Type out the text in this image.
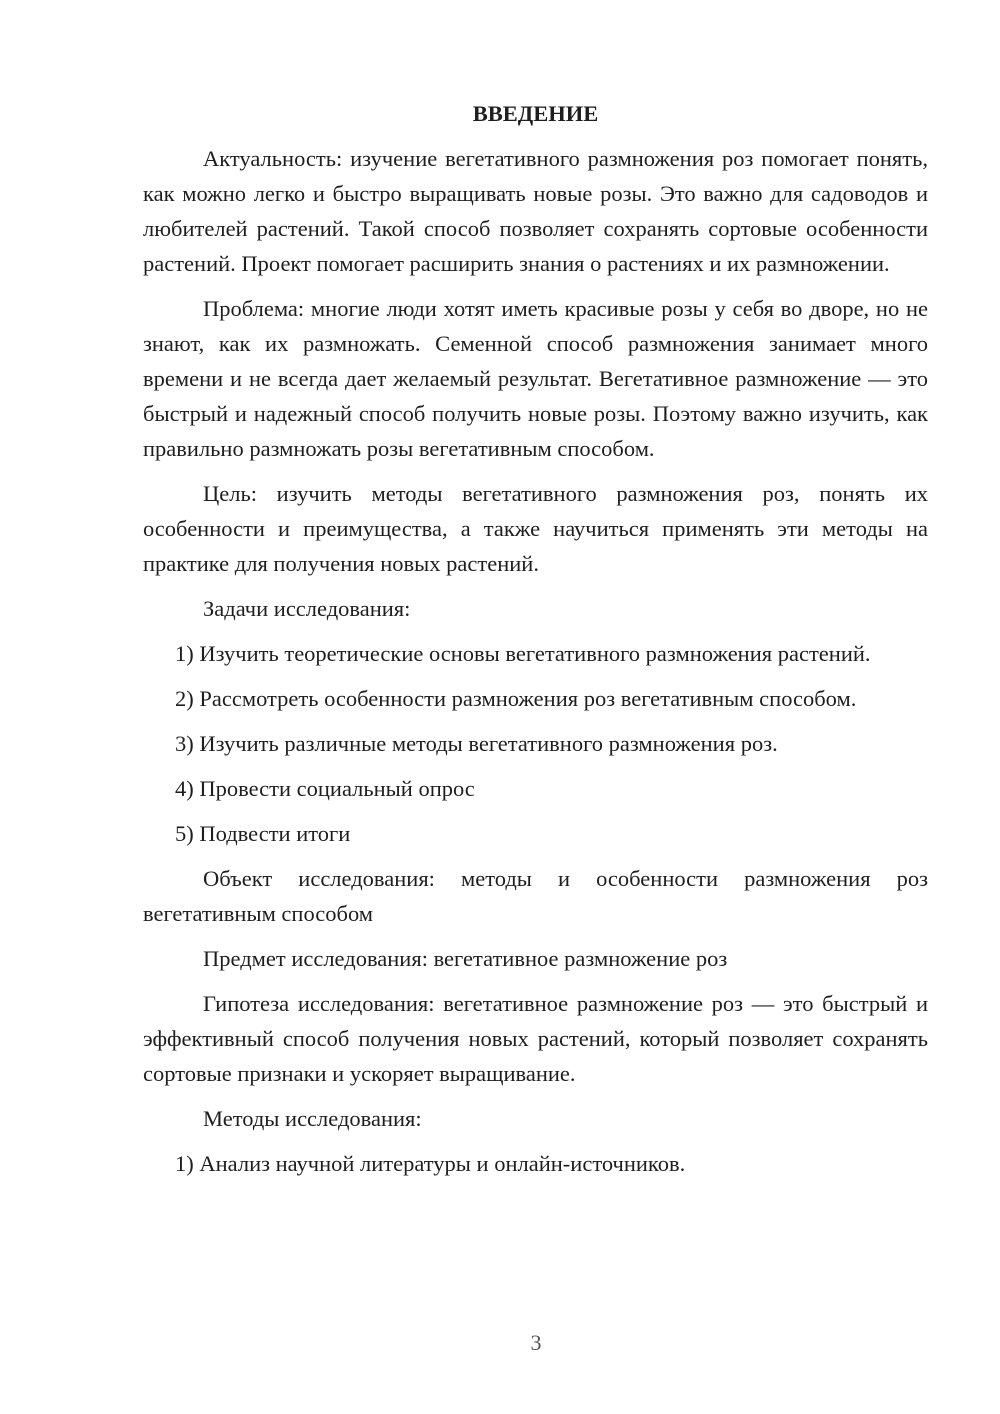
ВВЕДЕНИЕ

Актуальность: изучение вегетативного размножения роз помогает понять, как можно легко и быстро выращивать новые розы. Это важно для садоводов и любителей растений. Такой способ позволяет сохранять сортовые особенности растений. Проект помогает расширить знания о растениях и их размножении.

Проблема: многие люди хотят иметь красивые розы у себя во дворе, но не знают, как их размножать. Семенной способ размножения занимает много времени и не всегда дает желаемый результат. Вегетативное размножение — это быстрый и надежный способ получить новые розы. Поэтому важно изучить, как правильно размножать розы вегетативным способом.

Цель: изучить методы вегетативного размножения роз, понять их особенности и преимущества, а также научиться применять эти методы на практике для получения новых растений.

Задачи исследования:

1) Изучить теоретические основы вегетативного размножения растений.

2) Рассмотреть особенности размножения роз вегетативным способом.

3) Изучить различные методы вегетативного размножения роз.

4) Провести социальный опрос

5) Подвести итоги

Объект исследования: методы и особенности размножения роз вегетативным способом

Предмет исследования: вегетативное размножение роз

Гипотеза исследования: вегетативное размножение роз — это быстрый и эффективный способ получения новых растений, который позволяет сохранять сортовые признаки и ускоряет выращивание.

Методы исследования:

1) Анализ научной литературы и онлайн-источников.

3
